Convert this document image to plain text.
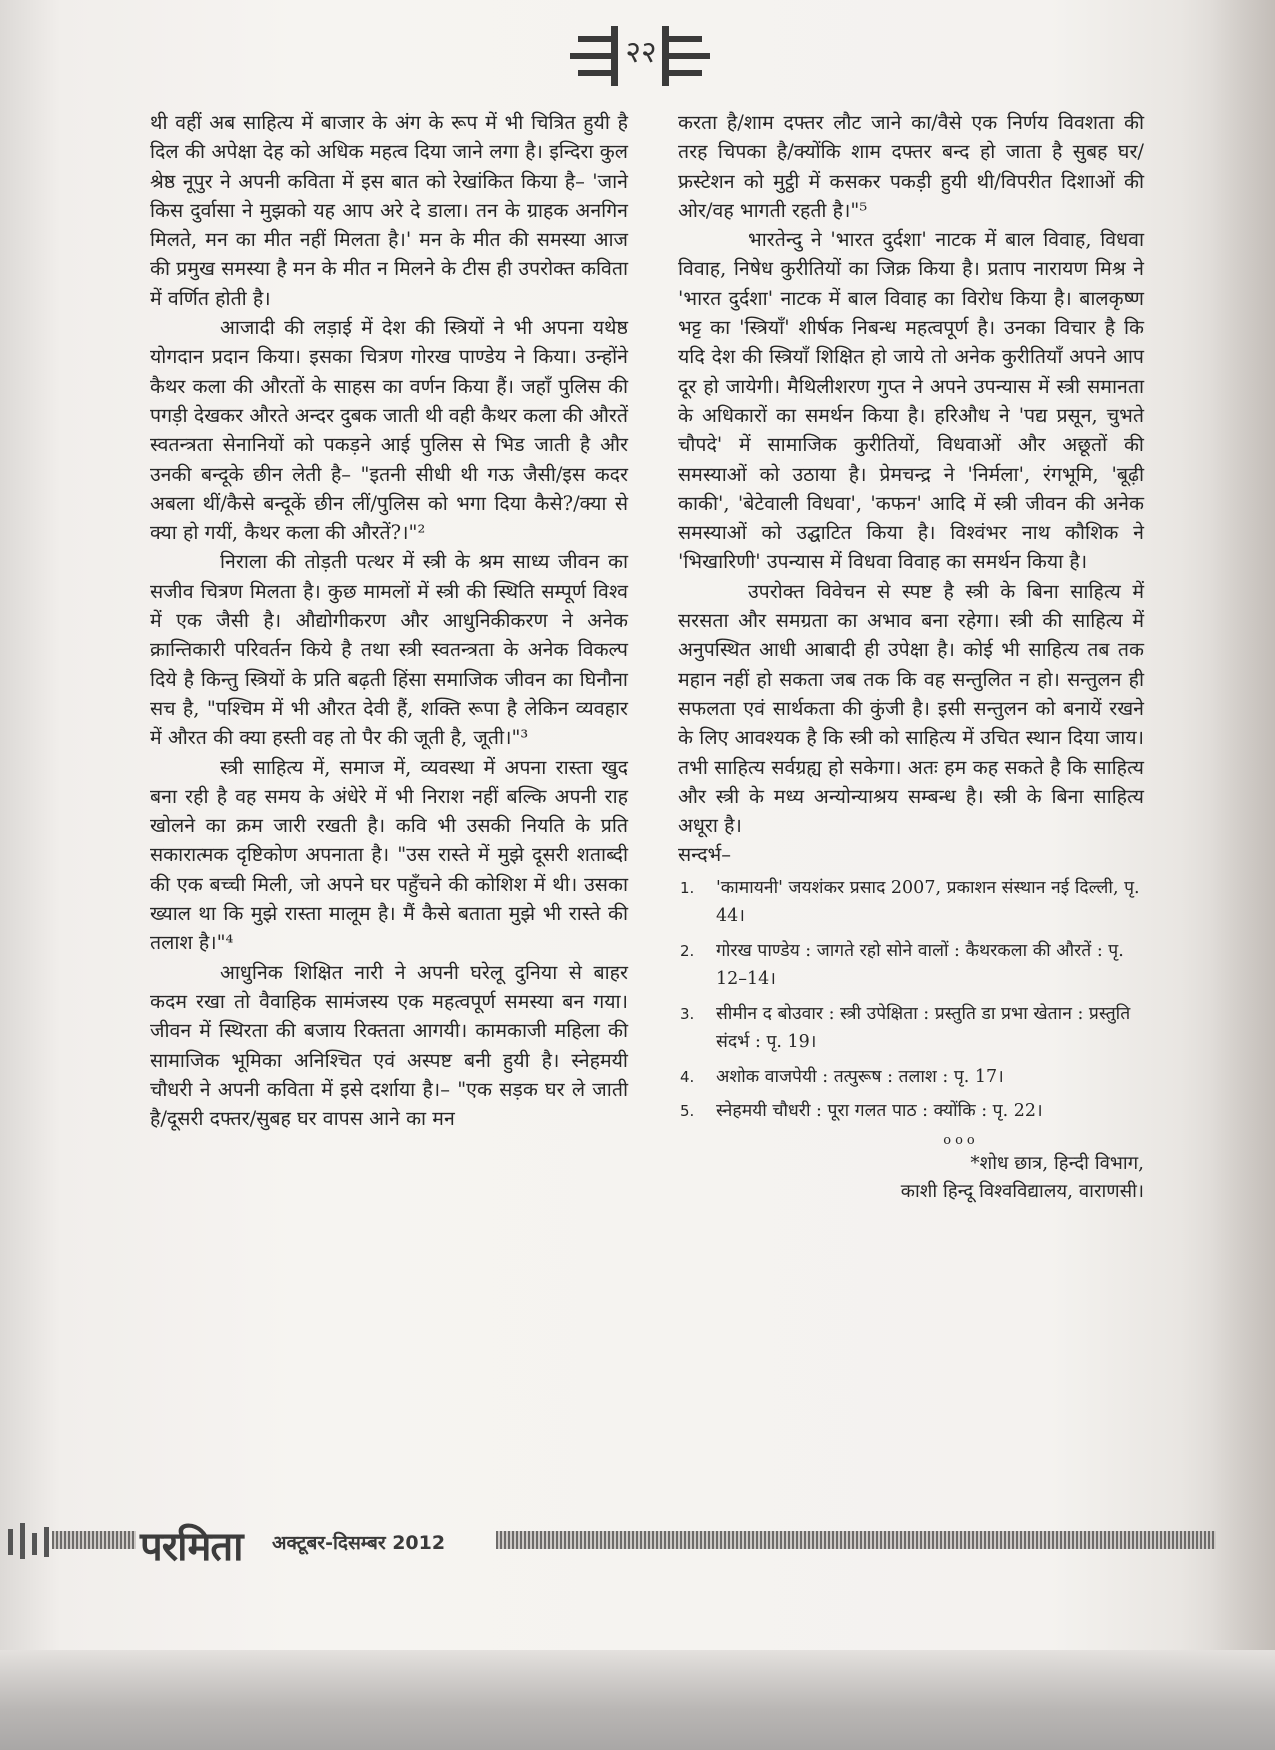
२२

थी वहीं अब साहित्य में बाजार के अंग के रूप में भी चित्रित हुयी है दिल की अपेक्षा देह को अधिक महत्व दिया जाने लगा है। इन्दिरा कुल श्रेष्ठ नूपुर ने अपनी कविता में इस बात को रेखांकित किया है– 'जाने किस दुर्वासा ने मुझको यह आप अरे दे डाला। तन के ग्राहक अनगिन मिलते, मन का मीत नहीं मिलता है।' मन के मीत की समस्या आज की प्रमुख समस्या है मन के मीत न मिलने के टीस ही उपरोक्त कविता में वर्णित होती है।

आजादी की लड़ाई में देश की स्त्रियों ने भी अपना यथेष्ठ योगदान प्रदान किया। इसका चित्रण गोरख पाण्डेय ने किया। उन्होंने कैथर कला की औरतों के साहस का वर्णन किया हैं। जहाँ पुलिस की पगड़ी देखकर औरते अन्दर दुबक जाती थी वही कैथर कला की औरतें स्वतन्त्रता सेनानियों को पकड़ने आई पुलिस से भिड जाती है और उनकी बन्दूके छीन लेती है– "इतनी सीधी थी गऊ जैसी/इस कदर अबला थीं/कैसे बन्दूकें छीन लीं/पुलिस को भगा दिया कैसे?/क्या से क्या हो गयीं, कैथर कला की औरतें?।"²

निराला की तोड़ती पत्थर में स्त्री के श्रम साध्य जीवन का सजीव चित्रण मिलता है। कुछ मामलों में स्त्री की स्थिति सम्पूर्ण विश्व में एक जैसी है। औद्योगीकरण और आधुनिकीकरण ने अनेक क्रान्तिकारी परिवर्तन किये है तथा स्त्री स्वतन्त्रता के अनेक विकल्प दिये है किन्तु स्त्रियों के प्रति बढ़ती हिंसा समाजिक जीवन का घिनौना सच है, "पश्चिम में भी औरत देवी हैं, शक्ति रूपा है लेकिन व्यवहार में औरत की क्या हस्ती वह तो पैर की जूती है, जूती।"³

स्त्री साहित्य में, समाज में, व्यवस्था में अपना रास्ता खुद बना रही है वह समय के अंधेरे में भी निराश नहीं बल्कि अपनी राह खोलने का क्रम जारी रखती है। कवि भी उसकी नियति के प्रति सकारात्मक दृष्टिकोण अपनाता है। "उस रास्ते में मुझे दूसरी शताब्दी की एक बच्ची मिली, जो अपने घर पहुँचने की कोशिश में थी। उसका ख्याल था कि मुझे रास्ता मालूम है। मैं कैसे बताता मुझे भी रास्ते की तलाश है।"⁴

आधुनिक शिक्षित नारी ने अपनी घरेलू दुनिया से बाहर कदम रखा तो वैवाहिक सामंजस्य एक महत्वपूर्ण समस्या बन गया। जीवन में स्थिरता की बजाय रिक्तता आगयी। कामकाजी महिला की सामाजिक भूमिका अनिश्चित एवं अस्पष्ट बनी हुयी है। स्नेहमयी चौधरी ने अपनी कविता में इसे दर्शाया है।– "एक सड़क घर ले जाती है/दूसरी दफ्तर/सुबह घर वापस आने का मन

करता है/शाम दफ्तर लौट जाने का/वैसे एक निर्णय विवशता की तरह चिपका है/क्योंकि शाम दफ्तर बन्द हो जाता है सुबह घर/फ्रस्टेशन को मुट्ठी में कसकर पकड़ी हुयी थी/विपरीत दिशाओं की ओर/वह भागती रहती है।"⁵

भारतेन्दु ने 'भारत दुर्दशा' नाटक में बाल विवाह, विधवा विवाह, निषेध कुरीतियों का जिक्र किया है। प्रताप नारायण मिश्र ने 'भारत दुर्दशा' नाटक में बाल विवाह का विरोध किया है। बालकृष्ण भट्ट का 'स्त्रियाँ' शीर्षक निबन्ध महत्वपूर्ण है। उनका विचार है कि यदि देश की स्त्रियाँ शिक्षित हो जाये तो अनेक कुरीतियाँ अपने आप दूर हो जायेगी। मैथिलीशरण गुप्त ने अपने उपन्यास में स्त्री समानता के अधिकारों का समर्थन किया है। हरिऔध ने 'पद्य प्रसून, चुभते चौपदे' में सामाजिक कुरीतियों, विधवाओं और अछूतों की समस्याओं को उठाया है। प्रेमचन्द्र ने 'निर्मला', रंगभूमि, 'बूढ़ी काकी', 'बेटेवाली विधवा', 'कफन' आदि में स्त्री जीवन की अनेक समस्याओं को उद्घाटित किया है। विश्वंभर नाथ कौशिक ने 'भिखारिणी' उपन्यास में विधवा विवाह का समर्थन किया है।

उपरोक्त विवेचन से स्पष्ट है स्त्री के बिना साहित्य में सरसता और समग्रता का अभाव बना रहेगा। स्त्री की साहित्य में अनुपस्थित आधी आबादी ही उपेक्षा है। कोई भी साहित्य तब तक महान नहीं हो सकता जब तक कि वह सन्तुलित न हो। सन्तुलन ही सफलता एवं सार्थकता की कुंजी है। इसी सन्तुलन को बनायें रखने के लिए आवश्यक है कि स्त्री को साहित्य में उचित स्थान दिया जाय। तभी साहित्य सर्वग्रह्य हो सकेगा। अतः हम कह सकते है कि साहित्य और स्त्री के मध्य अन्योन्याश्रय सम्बन्ध है। स्त्री के बिना साहित्य अधूरा है।

सन्दर्भ–

1. 'कामायनी' जयशंकर प्रसाद 2007, प्रकाशन संस्थान नई दिल्ली, पृ. 44।
2. गोरख पाण्डेय : जागते रहो सोने वालों : कैथरकला की औरतें : पृ. 12–14।
3. सीमीन द बोउवार : स्त्री उपेक्षिता : प्रस्तुति डा प्रभा खेतान : प्रस्तुति संदर्भ : पृ. 19।
4. अशोक वाजपेयी : तत्पुरूष : तलाश : पृ. 17।
5. स्नेहमयी चौधरी : पूरा गलत पाठ : क्योंकि : पृ. 22।
ooo
*शोध छात्र, हिन्दी विभाग,
काशी हिन्दू विश्वविद्यालय, वाराणसी।
परमिता अक्टूबर-दिसम्बर 2012
